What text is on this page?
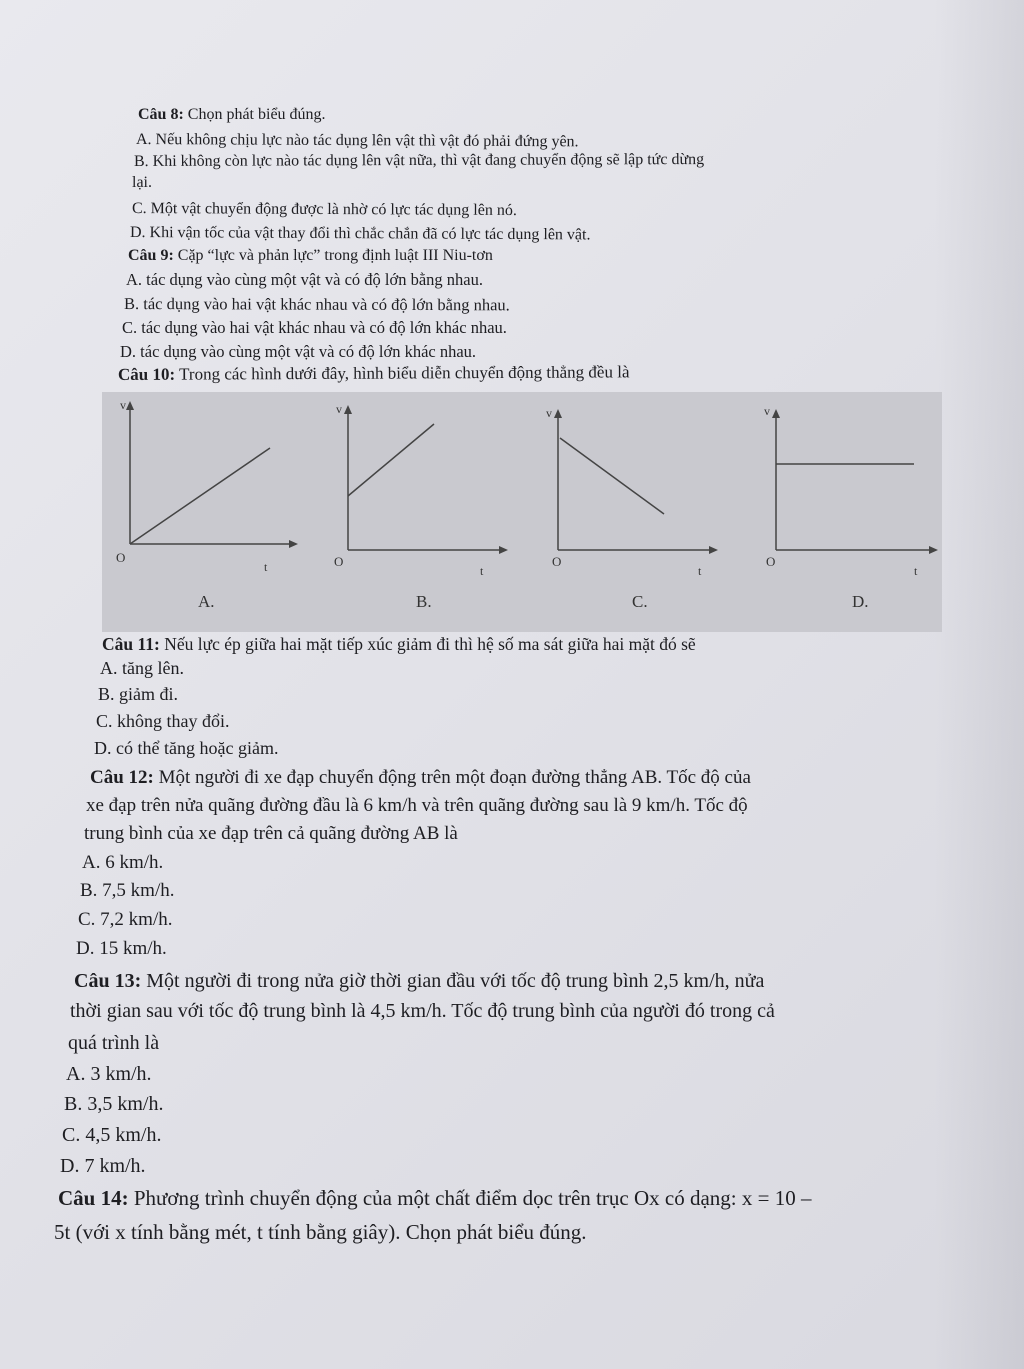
Câu 8: Chọn phát biểu đúng.
A. Nếu không chịu lực nào tác dụng lên vật thì vật đó phải đứng yên.
B. Khi không còn lực nào tác dụng lên vật nữa, thì vật đang chuyển động sẽ lập tức dừng
lại.
C. Một vật chuyển động được là nhờ có lực tác dụng lên nó.
D. Khi vận tốc của vật thay đổi thì chắc chắn đã có lực tác dụng lên vật.
Câu 9: Cặp “lực và phản lực” trong định luật III Niu-tơn
A. tác dụng vào cùng một vật và có độ lớn bằng nhau.
B. tác dụng vào hai vật khác nhau và có độ lớn bằng nhau.
C. tác dụng vào hai vật khác nhau và có độ lớn khác nhau.
D. tác dụng vào cùng một vật và có độ lớn khác nhau.
Câu 10: Trong các hình dưới đây, hình biểu diễn chuyển động thẳng đều là
v
t
O
A.
v
t
O
B.
v
t
O
C.
v
t
O
D.
Câu 11: Nếu lực ép giữa hai mặt tiếp xúc giảm đi thì hệ số ma sát giữa hai mặt đó sẽ
A. tăng lên.
B. giảm đi.
C. không thay đổi.
D. có thể tăng hoặc giảm.
Câu 12: Một người đi xe đạp chuyển động trên một đoạn đường thẳng AB. Tốc độ của
xe đạp trên nửa quãng đường đầu là 6 km/h và trên quãng đường sau là 9 km/h. Tốc độ
trung bình của xe đạp trên cả quãng đường AB là
A. 6 km/h.
B. 7,5 km/h.
C. 7,2 km/h.
D. 15 km/h.
Câu 13: Một người đi trong nửa giờ thời gian đầu với tốc độ trung bình 2,5 km/h, nửa
thời gian sau với tốc độ trung bình là 4,5 km/h. Tốc độ trung bình của người đó trong cả
quá trình là
A. 3 km/h.
B. 3,5 km/h.
C. 4,5 km/h.
D. 7 km/h.
Câu 14: Phương trình chuyển động của một chất điểm dọc trên trục Ox có dạng: x = 10 –
5t (với x tính bằng mét, t tính bằng giây). Chọn phát biểu đúng.
